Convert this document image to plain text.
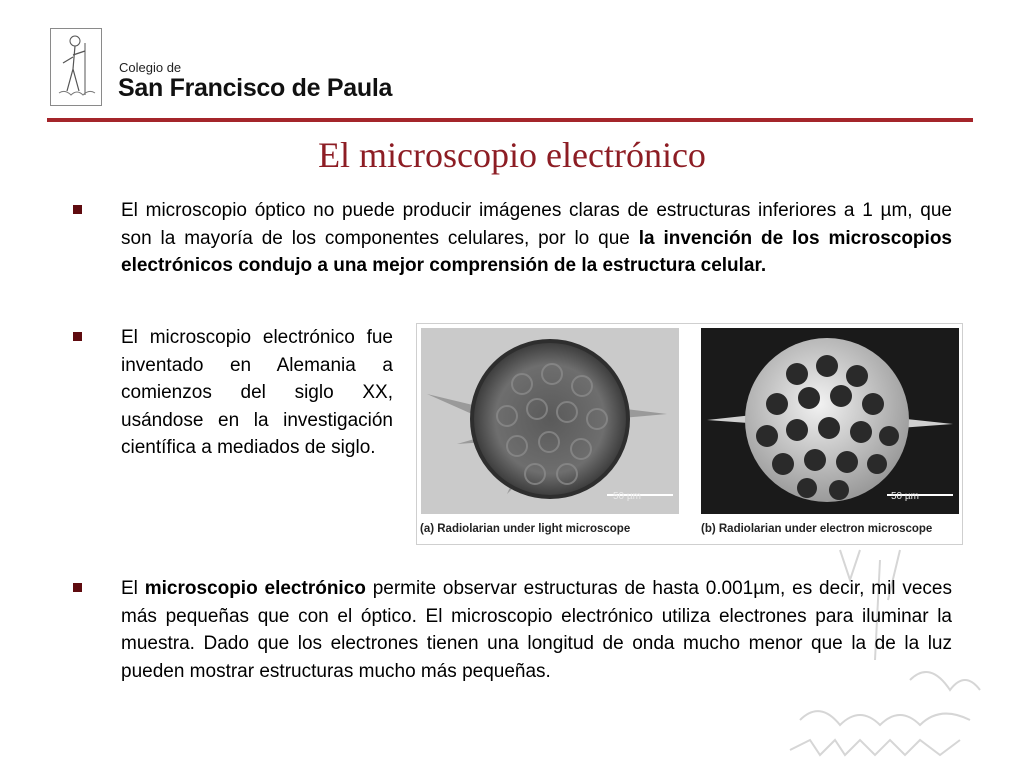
Colegio de
San Francisco de Paula
El microscopio electrónico
El microscopio óptico no puede producir imágenes claras de estructuras inferiores a 1 µm, que son la mayoría de los componentes celulares, por lo que la invención de los microscopios electrónicos condujo a una mejor comprensión de la estructura celular.
El microscopio electrónico fue inventado en Alemania a comienzos del siglo XX, usándose en la investigación científica a mediados de siglo.
50 µm	50 µm
(a) Radiolarian under light microscope	(b) Radiolarian under electron microscope
El microscopio electrónico permite observar estructuras de hasta 0.001µm, es decir, mil veces más pequeñas que con el óptico. El microscopio electrónico utiliza electrones para iluminar la muestra. Dado que los electrones tienen una longitud de onda mucho menor que la de la luz pueden mostrar estructuras mucho más pequeñas.
